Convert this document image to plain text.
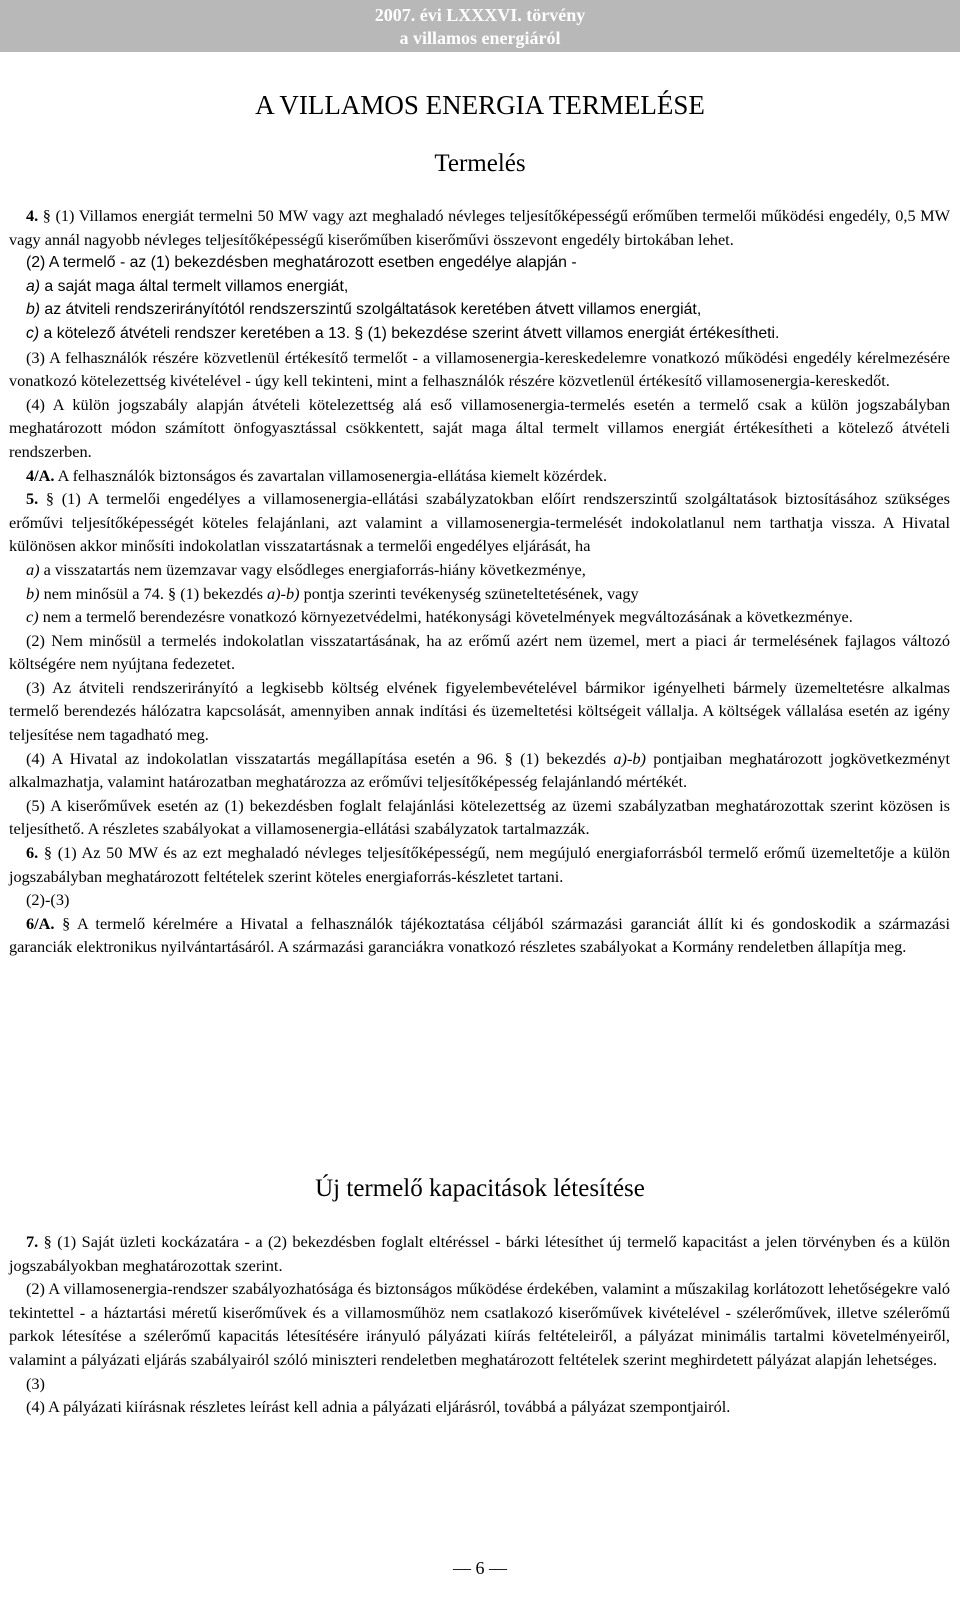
2007. évi LXXXVI. törvény
a villamos energiáról
A VILLAMOS ENERGIA TERMELÉSE
Termelés

4. § (1) Villamos energiát termelni 50 MW vagy azt meghaladó névleges teljesítőképességű erőműben termelői működési engedély, 0,5 MW vagy annál nagyobb névleges teljesítőképességű kiserőműben kiserőművi összevont engedély birtokában lehet.

(2) A termelő - az (1) bekezdésben meghatározott esetben engedélye alapján -

a) a saját maga által termelt villamos energiát,

b) az átviteli rendszerirányítótól rendszerszintű szolgáltatások keretében átvett villamos energiát,

c) a kötelező átvételi rendszer keretében a 13. § (1) bekezdése szerint átvett villamos energiát értékesítheti.

(3) A felhasználók részére közvetlenül értékesítő termelőt - a villamosenergia-kereskedelemre vonatkozó működési engedély kérelmezésére vonatkozó kötelezettség kivételével - úgy kell tekinteni, mint a felhasználók részére közvetlenül értékesítő villamosenergia-kereskedőt.

(4) A külön jogszabály alapján átvételi kötelezettség alá eső villamosenergia-termelés esetén a termelő csak a külön jogszabályban meghatározott módon számított önfogyasztással csökkentett, saját maga által termelt villamos energiát értékesítheti a kötelező átvételi rendszerben.

4/A. A felhasználók biztonságos és zavartalan villamosenergia-ellátása kiemelt közérdek.

5. § (1) A termelői engedélyes a villamosenergia-ellátási szabályzatokban előírt rendszerszintű szolgáltatások biztosításához szükséges erőművi teljesítőképességét köteles felajánlani, azt valamint a villamosenergia-termelését indokolatlanul nem tarthatja vissza. A Hivatal különösen akkor minősíti indokolatlan visszatartásnak a termelői engedélyes eljárását, ha

a) a visszatartás nem üzemzavar vagy elsődleges energiaforrás-hiány következménye,

b) nem minősül a 74. § (1) bekezdés a)-b) pontja szerinti tevékenység szüneteltetésének, vagy

c) nem a termelő berendezésre vonatkozó környezetvédelmi, hatékonysági követelmények megváltozásának a következménye.

(2) Nem minősül a termelés indokolatlan visszatartásának, ha az erőmű azért nem üzemel, mert a piaci ár termelésének fajlagos változó költségére nem nyújtana fedezetet.

(3) Az átviteli rendszerirányító a legkisebb költség elvének figyelembevételével bármikor igényelheti bármely üzemeltetésre alkalmas termelő berendezés hálózatra kapcsolását, amennyiben annak indítási és üzemeltetési költségeit vállalja. A költségek vállalása esetén az igény teljesítése nem tagadható meg.

(4) A Hivatal az indokolatlan visszatartás megállapítása esetén a 96. § (1) bekezdés a)-b) pontjaiban meghatározott jogkövetkezményt alkalmazhatja, valamint határozatban meghatározza az erőművi teljesítőképesség felajánlandó mértékét.

(5) A kiserőművek esetén az (1) bekezdésben foglalt felajánlási kötelezettség az üzemi szabályzatban meghatározottak szerint közösen is teljesíthető. A részletes szabályokat a villamosenergia-ellátási szabályzatok tartalmazzák.

6. § (1) Az 50 MW és az ezt meghaladó névleges teljesítőképességű, nem megújuló energiaforrásból termelő erőmű üzemeltetője a külön jogszabályban meghatározott feltételek szerint köteles energiaforrás-készletet tartani.

(2)-(3)

6/A. § A termelő kérelmére a Hivatal a felhasználók tájékoztatása céljából származási garanciát állít ki és gondoskodik a származási garanciák elektronikus nyilvántartásáról. A származási garanciákra vonatkozó részletes szabályokat a Kormány rendeletben állapítja meg.

Új termelő kapacitások létesítése

7. § (1) Saját üzleti kockázatára - a (2) bekezdésben foglalt eltéréssel - bárki létesíthet új termelő kapacitást a jelen törvényben és a külön jogszabályokban meghatározottak szerint.

(2) A villamosenergia-rendszer szabályozhatósága és biztonságos működése érdekében, valamint a műszakilag korlátozott lehetőségekre való tekintettel - a háztartási méretű kiserőművek és a villamosműhöz nem csatlakozó kiserőművek kivételével - szélerőművek, illetve szélerőmű parkok létesítése a szélerőmű kapacitás létesítésére irányuló pályázati kiírás feltételeiről, a pályázat minimális tartalmi követelményeiről, valamint a pályázati eljárás szabályairól szóló miniszteri rendeletben meghatározott feltételek szerint meghirdetett pályázat alapján lehetséges.

(3)

(4) A pályázati kiírásnak részletes leírást kell adnia a pályázati eljárásról, továbbá a pályázat szempontjairól.

— 6 —
